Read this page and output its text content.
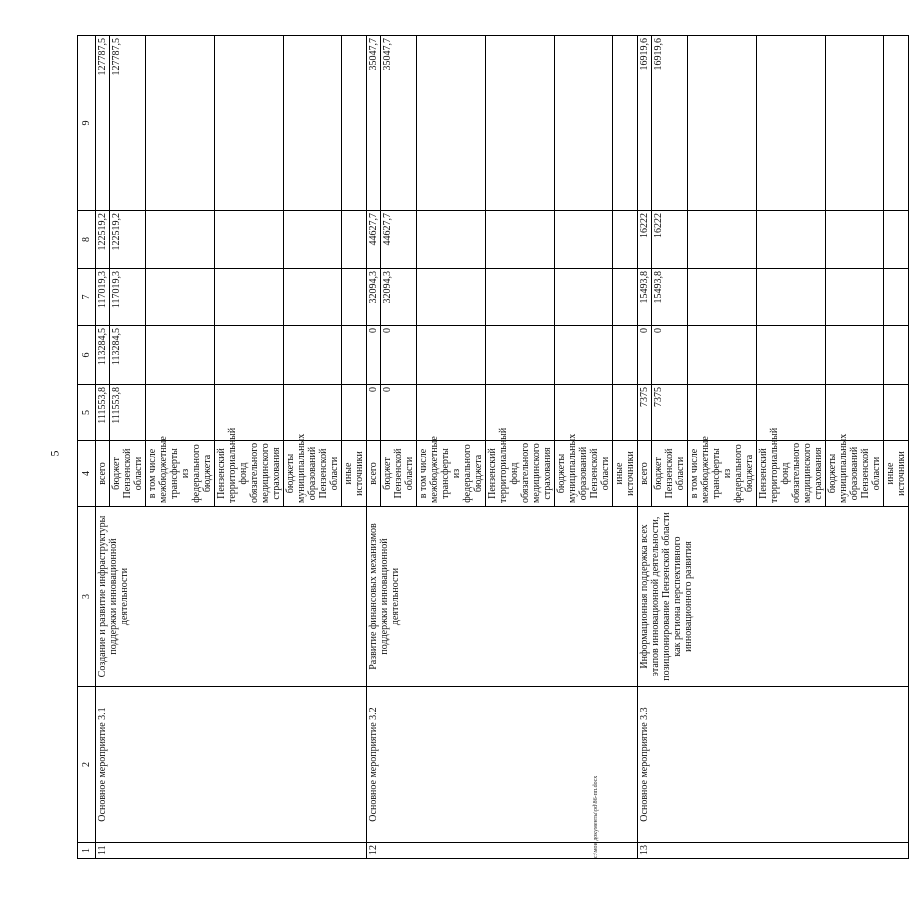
5
c:\мои документы\рd\86-пп.docx
1	2	3	4	5	6	7	8	9
11	Основное мероприятие 3.1	Создание и развитие инфраструктуры поддержки инновационной деятельности	всего	111553,8	113284,5	117019,3	122519,2	127787,5
			бюджет Пензенской области	111553,8	113284,5	117019,3	122519,2	127787,5
			в том числе межбюджетные трансферты из федерального бюджета					
			Пензенский территориальный фонд обязательного медицинского страхования					
			бюджеты муниципальных образований Пензенской области					
			иные источники					
12	Основное мероприятие 3.2	Развитие финансовых механизмов поддержки инновационной деятельности	всего	0	0	32094,3	44627,7	35047,7
			бюджет Пензенской области	0	0	32094,3	44627,7	35047,7
			в том числе межбюджетные трансферты из федерального бюджета					
			Пензенский территориальный фонд обязательного медицинского страхования					
			бюджеты муниципальных образований Пензенской области					
			иные источники					
13	Основное мероприятие 3.3	Информационная поддержка всех этапов инновационной деятельности, позиционирование Пензенской области как региона перспективного инновационного развития	всего	7375	0	15493,8	16222	16919,6
			бюджет Пензенской области	7375	0	15493,8	16222	16919,6
			в том числе межбюджетные трансферты из федерального бюджета					
			Пензенский территориальный фонд обязательного медицинского страхования					
			бюджеты муниципальных образований Пензенской области					
			иные источники					
